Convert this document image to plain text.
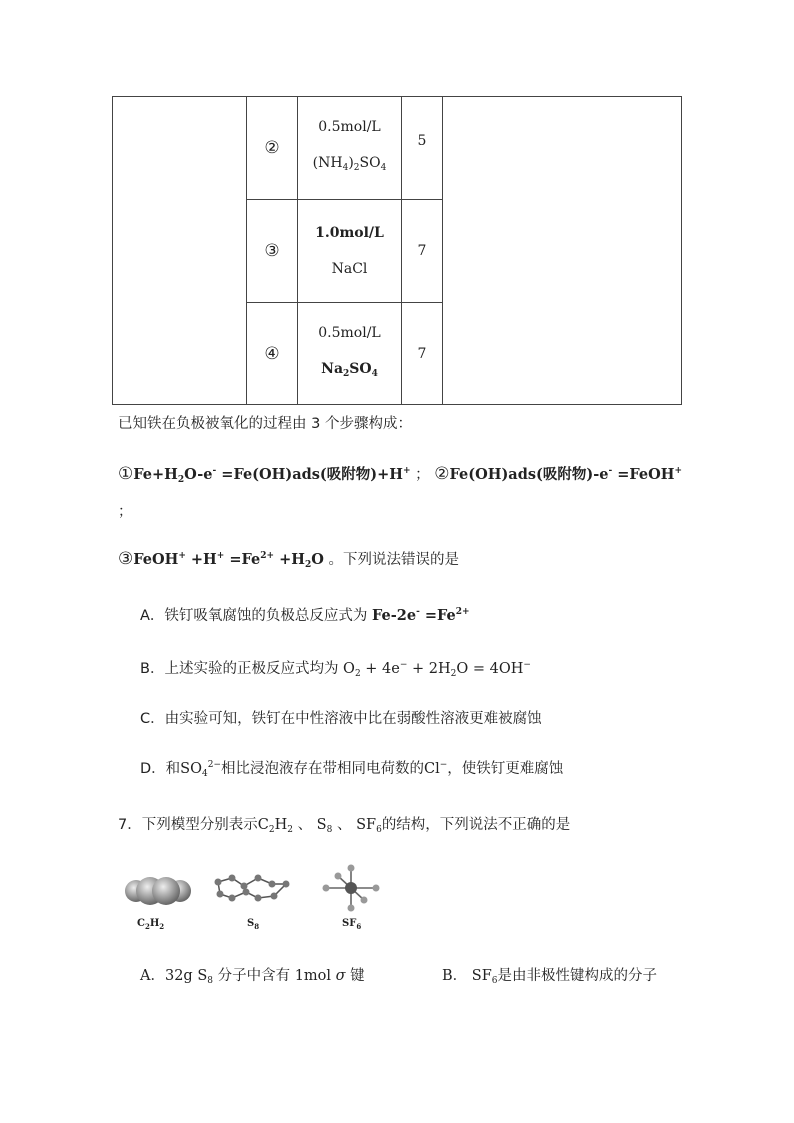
②
0.5mol/L
$(NH_4)_2SO_4$
5
③
1.0mol/L
NaCl
7
④
0.5mol/L
$Na_2SO_4$
7
已知铁在负极被氧化的过程由 3 个步骤构成：
$①Fe+H_2O-e^- =Fe(OH)ads$(吸附物)+H+ ； ②Fe(OH)ads(吸附物)-e- =FeOH+
；
③FeOH+ $+H^+ =Fe^{2+} +H_2O$ 。下列说法错误的是
A．铁钉吸氧腐蚀的负极总反应式为 $Fe-2e^- =Fe^{2+}$
B．上述实验的正极反应式均为 $O_2 + 4e^- + 2H_2O = 4OH^-$
C．由实验可知，铁钉在中性溶液中比在弱酸性溶液更难被腐蚀
D．和$SO_4^{2-}$相比浸泡液存在带相同电荷数的Cl−，使铁钉更难腐蚀
7．下列模型分别表示$C_2H_2$ 、 $S_8$ 、 $SF_6$的结构，下列说法不正确的是
$C_2H_2$	$S_8$	$SF_6$
A．32g $S_8$ 分子中含有 1mol σ 键	B． $SF_6$是由非极性键构成的分子
